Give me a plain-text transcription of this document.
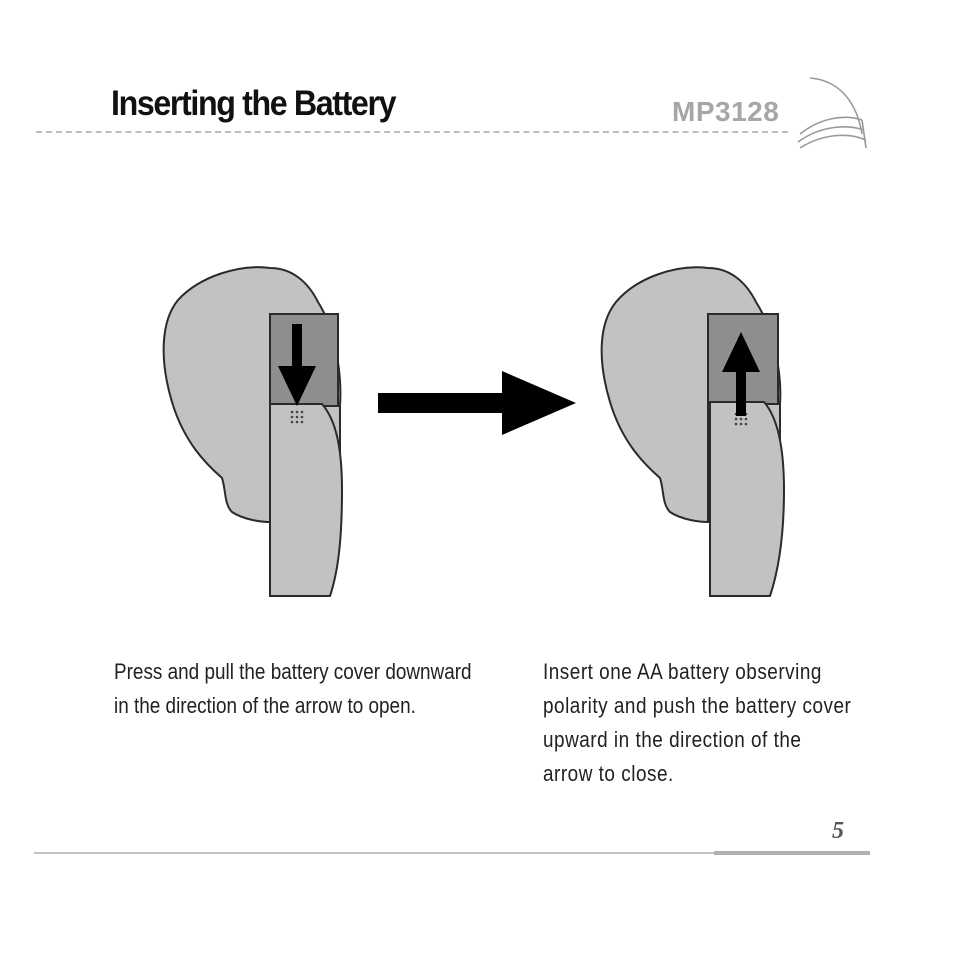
Inserting the Battery	MP3128
Press and pull the battery cover downward in the direction of the arrow to open.
Insert one AA battery observing polarity and push the battery cover upward in the direction of the arrow to close.
5
